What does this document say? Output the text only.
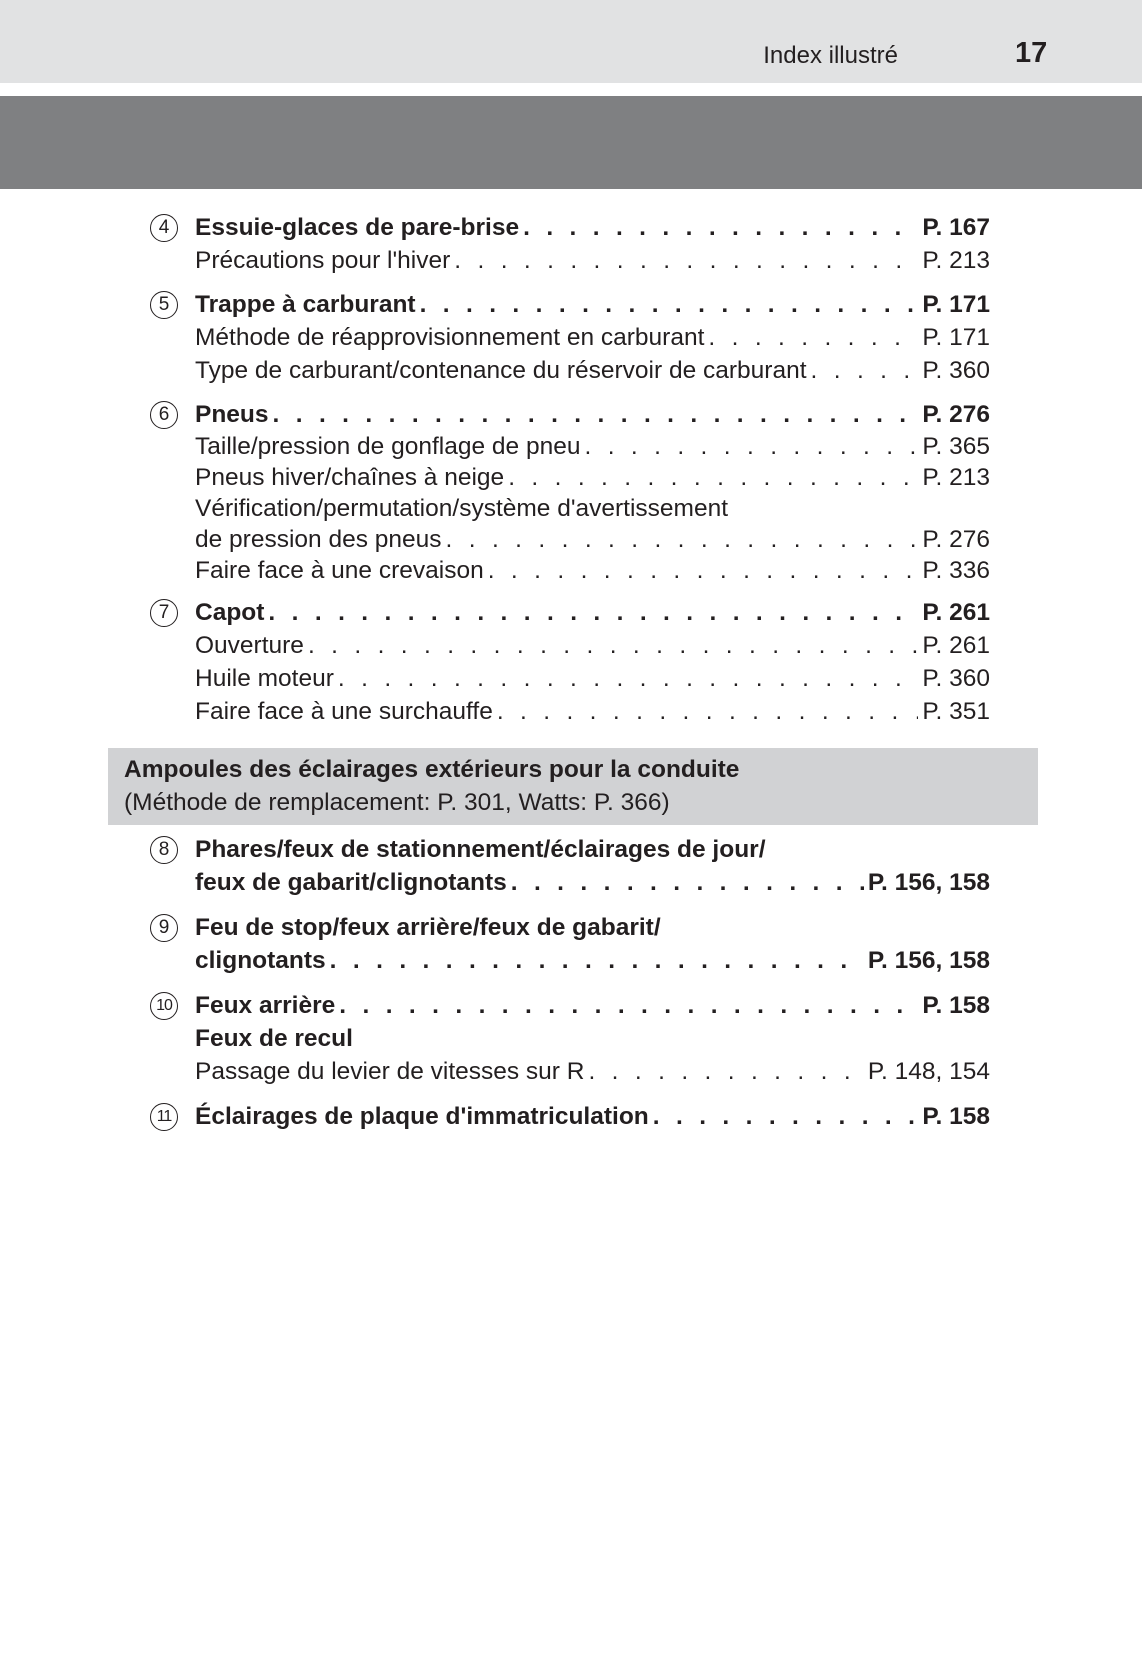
Index illustré	17
4	Essuie-glaces de pare-brise . . .	P. 167
Précautions pour l'hiver . . .	P. 213
5	Trappe à carburant . . .	P. 171
Méthode de réapprovisionnement en carburant . . .	P. 171
Type de carburant/contenance du réservoir de carburant . . .	P. 360
6	Pneus . . .	P. 276
Taille/pression de gonflage de pneu . . .	P. 365
Pneus hiver/chaînes à neige . . .	P. 213
Vérification/permutation/système d'avertissement
de pression des pneus . . .	P. 276
Faire face à une crevaison . . .	P. 336
7	Capot . . .	P. 261
Ouverture . . .	P. 261
Huile moteur . . .	P. 360
Faire face à une surchauffe . . .	P. 351
Ampoules des éclairages extérieurs pour la conduite
(Méthode de remplacement: P. 301, Watts: P. 366)
8	Phares/feux de stationnement/éclairages de jour/
feux de gabarit/clignotants . . .	P. 156, 158
9	Feu de stop/feux arrière/feux de gabarit/
clignotants . . .	P. 156, 158
10 Feux arrière . . .	P. 158
Feux de recul
Passage du levier de vitesses sur R . . .	P. 148, 154
11 Éclairages de plaque d'immatriculation . . .	P. 158
